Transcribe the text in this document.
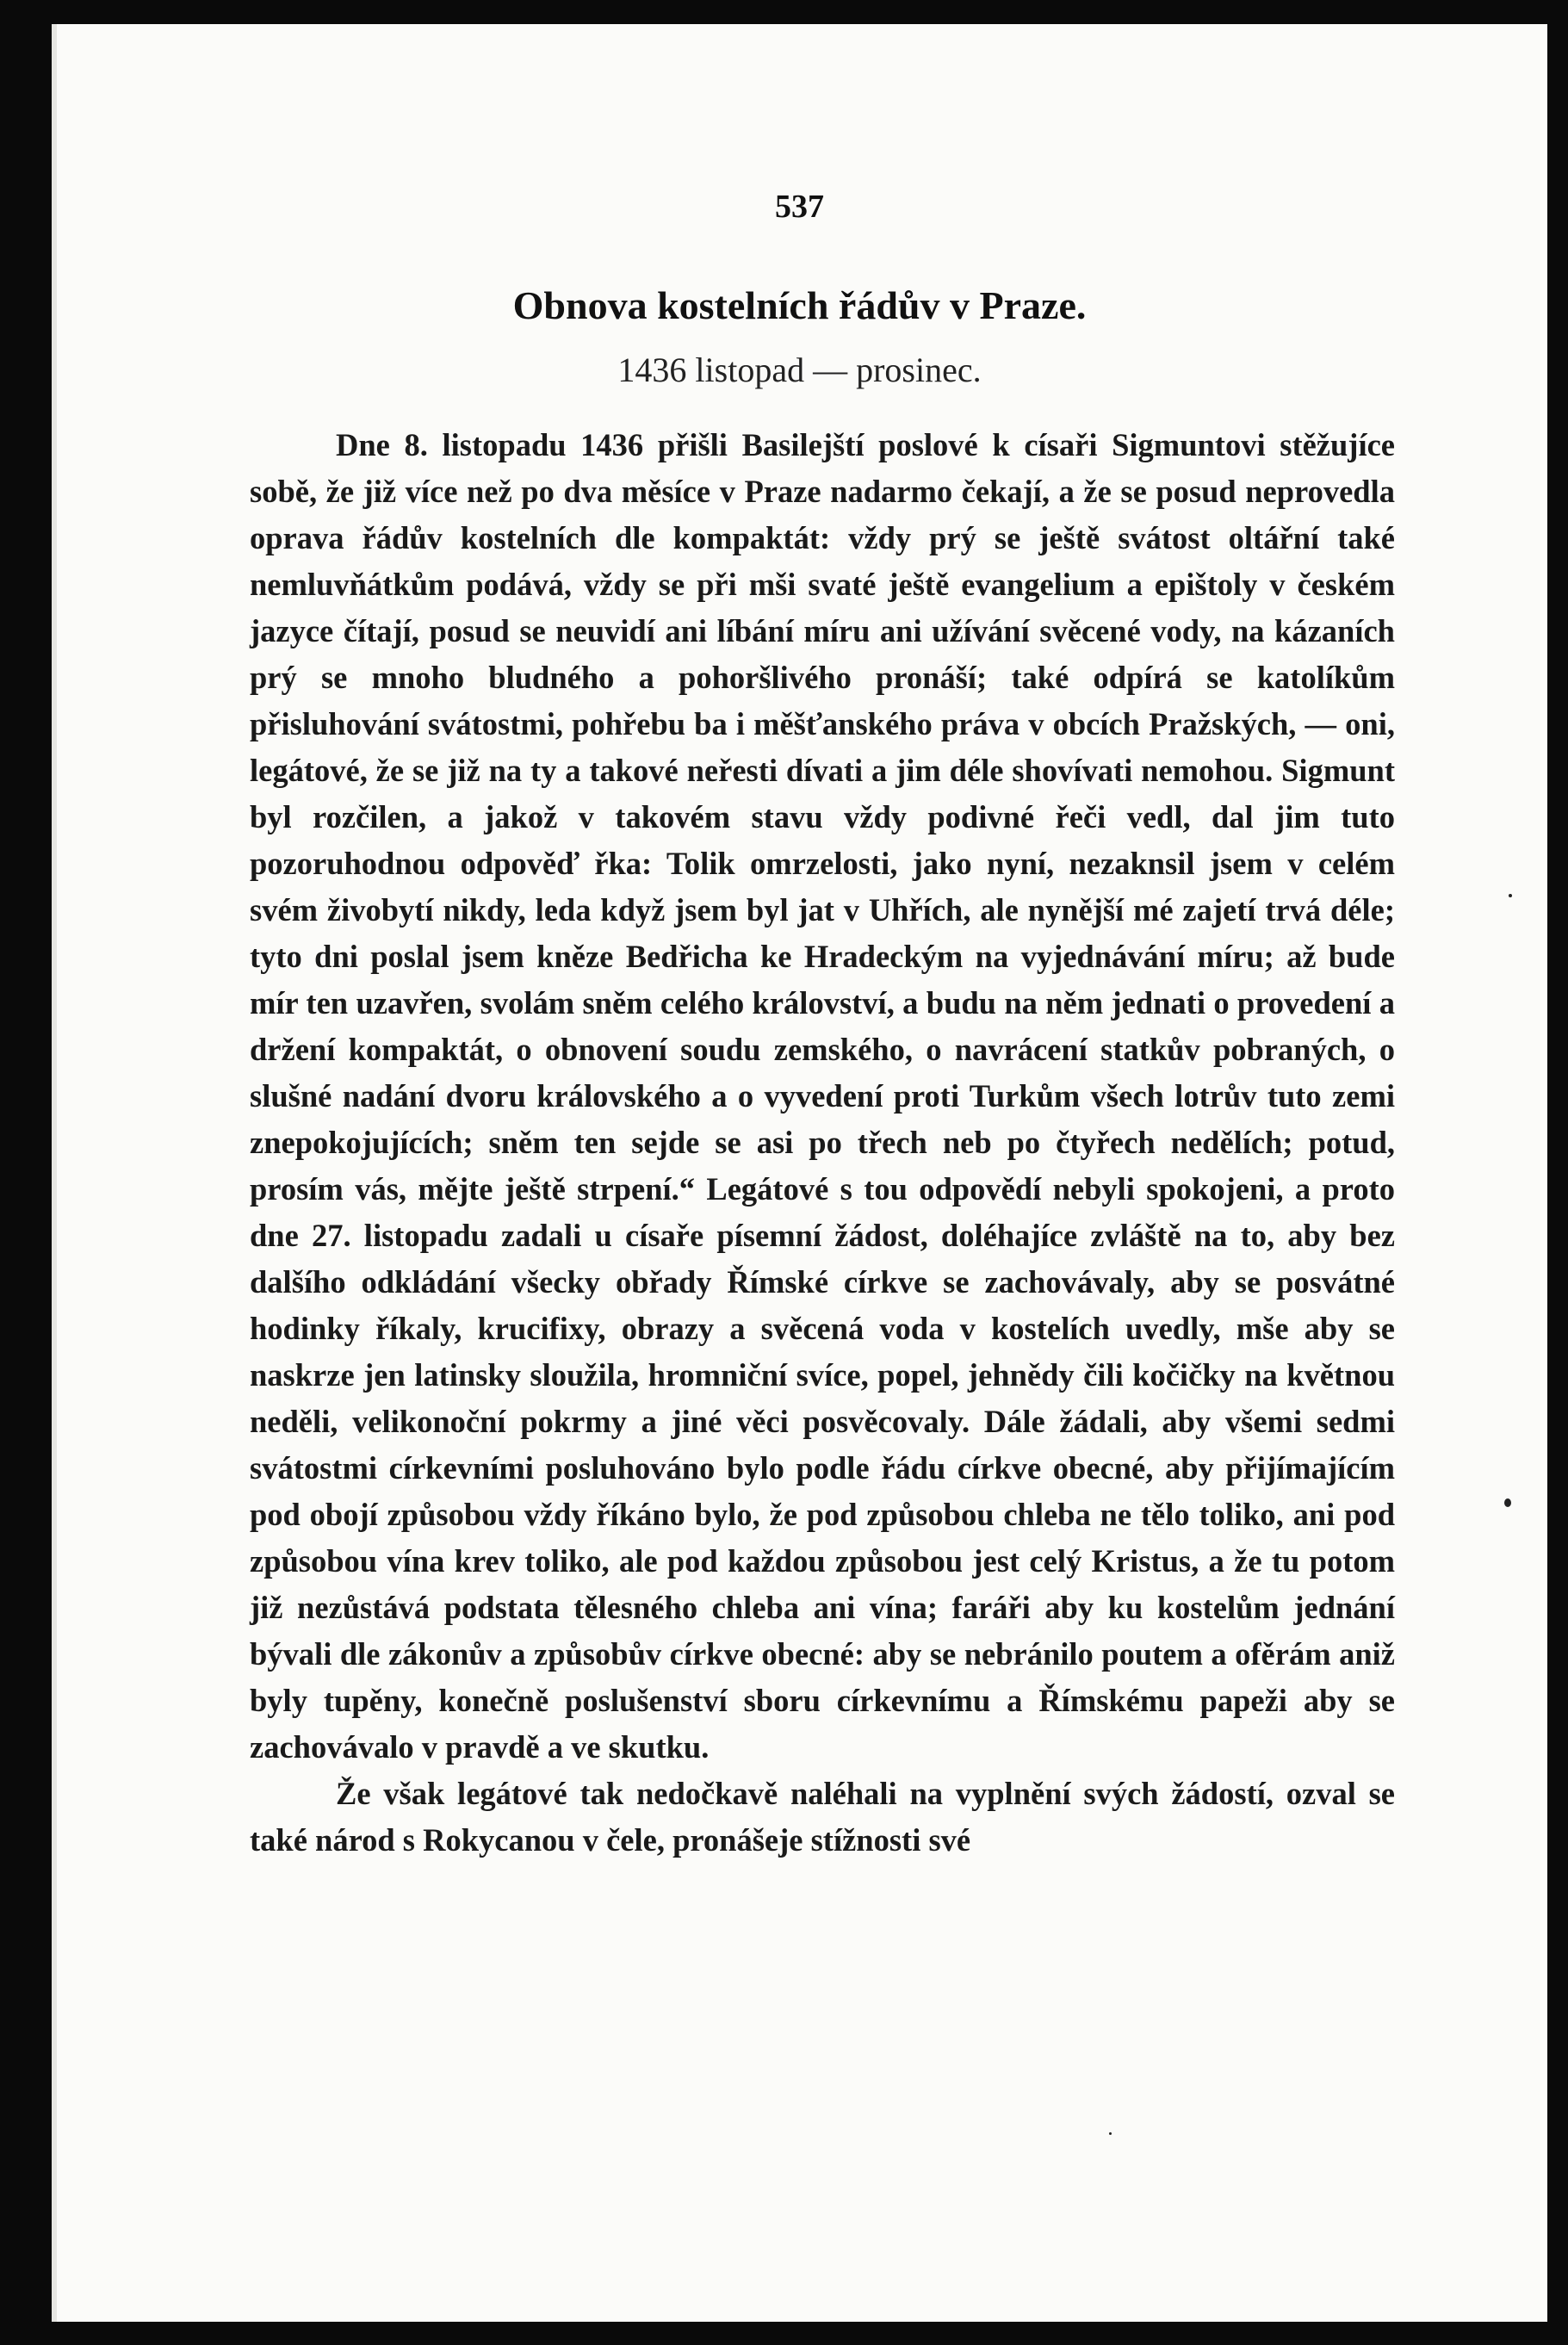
537
Obnova kostelních řádův v Praze.
1436 listopad — prosinec.

Dne 8. listopadu 1436 přišli Basilejští poslové k císaři Sigmuntovi stěžujíce sobě, že již více než po dva měsíce v Praze nadarmo čekají, a že se posud neprovedla oprava řádův kostelních dle kompaktát: vždy prý se ještě svátost oltářní také nemluvňátkům podává, vždy se při mši svaté ještě evangelium a epištoly v českém jazyce čítají, posud se neuvidí ani líbání míru ani užívání svěcené vody, na kázaních prý se mnoho bludného a pohoršlivého pronáší; také odpírá se katolíkům přisluhování svátostmi, pohřebu ba i měšťanského práva v obcích Pražských, — oni, legátové, že se již na ty a takové neřesti dívati a jim déle shovívati nemohou. Sigmunt byl rozčilen, a jakož v takovém stavu vždy podivné řeči vedl, dal jim tuto pozoruhodnou odpověď řka: Tolik omrzelosti, jako nyní, nezaknsil jsem v celém svém živobytí nikdy, leda když jsem byl jat v Uhřích, ale nynější mé zajetí trvá déle; tyto dni poslal jsem kněze Bedřicha ke Hradeckým na vyjednávání míru; až bude mír ten uzavřen, svolám sněm celého království, a budu na něm jednati o provedení a držení kompaktát, o obnovení soudu zemského, o navrácení statkův pobraných, o slušné nadání dvoru královského a o vyvedení proti Turkům všech lotrův tuto zemi znepokojujících; sněm ten sejde se asi po třech neb po čtyřech nedělích; potud, prosím vás, mějte ještě strpení.“ Legátové s tou odpovědí nebyli spokojeni, a proto dne 27. listopadu zadali u císaře písemní žádost, doléhajíce zvláště na to, aby bez dalšího odkládání všecky obřady Římské církve se zachovávaly, aby se posvátné hodinky říkaly, krucifixy, obrazy a svěcená voda v kostelích uvedly, mše aby se naskrze jen latinsky sloužila, hromniční svíce, popel, jehnědy čili kočičky na květnou neděli, velikonoční pokrmy a jiné věci posvěcovaly. Dále žádali, aby všemi sedmi svátostmi církevními posluhováno bylo podle řádu církve obecné, aby přijímajícím pod obojí způsobou vždy říkáno bylo, že pod způsobou chleba ne tělo toliko, ani pod způsobou vína krev toliko, ale pod každou způsobou jest celý Kristus, a že tu potom již nezůstává podstata tělesného chleba ani vína; faráři aby ku kostelům jednání bývali dle zákonův a způsobův církve obecné: aby se nebránilo poutem a ofěrám aniž byly tupěny, konečně poslušenství sboru církevnímu a Římskému papeži aby se zachovávalo v pravdě a ve skutku.

Že však legátové tak nedočkavě naléhali na vyplnění svých žádostí, ozval se také národ s Rokycanou v čele, pronášeje stížnosti své
